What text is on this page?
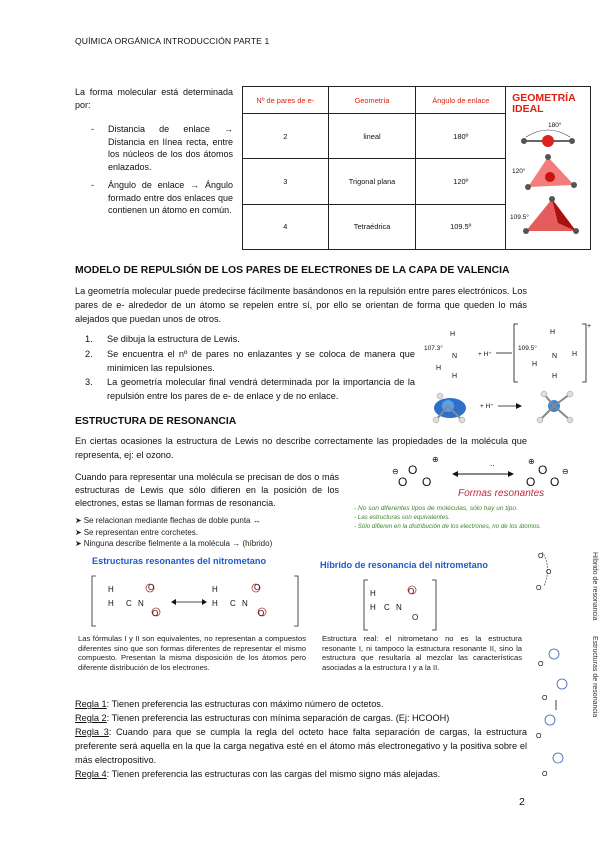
QUÍMICA ORGÁNICA INTRODUCCIÓN PARTE 1
La forma molecular está determinada por:
- Distancia de enlace → Distancia en línea recta, entre los núcleos de los dos átomos enlazados.
- Ángulo de enlace → Ángulo formado entre dos enlaces que contienen un átomo en común.
Nº de pares de e-	Geometría	Ángulo de enlace	GEOMETRÍA IDEAL
180°
120°
109.5°

2	lineal	180º	
3	Trigonal plana	120º	
4	Tetraédrica	109.5º	
MODELO DE REPULSIÓN DE LOS PARES DE ELECTRONES DE LA CAPA DE VALENCIA
La geometría molecular puede predecirse fácilmente basándonos en la repulsión entre pares electrónicos. Los pares de e- alrededor de un átomo se repelen entre sí, por ello se orientan de forma que queden lo más alejados que puedan unos de otros.
1. Se dibuja la estructura de Lewis.
2. Se encuentra el nº de pares no enlazantes y se coloca de manera que minimicen las repulsiones.
3. La geometría molecular final vendrá determinada por la importancia de la repulsión entre los pares de e- de enlace y de no enlace.
H
107.3°
N
H
H
+ H⁺
109.5°
H
N H
H
H
+
+ H⁺
ESTRUCTURA DE RESONANCIA
En ciertas ocasiones la estructura de Lewis no describe correctamente las propiedades de la molécula que representa, ej: el ozono.
Cuando para representar una molécula se precisan de dos o más estructuras de Lewis que sólo difieren en la posición de los electrones, estas se llaman formas de resonancia.
➤ Se relacionan mediante flechas de doble punta ↔
➤ Se representan entre corchetes.
➤ Ninguna describe fielmente a la molécula → (híbrido)
O
O O
⊕
⊖	O
O O
⊕
⊖
..
Formas resonantes
- No son diferentes tipos de moléculas, sólo hay un tipo.
- Las estructuras son equivalentes.
- Sólo difieren en la distribución de los electrones, no de los átomos.
Estructuras resonantes del nitrometano
H
H C N
O
O
H
H C N
O
O
Las fórmulas I y II son equivalentes, no representan a compuestos diferentes sino que son formas diferentes de representar el mismo compuesto. Presentan la misma disposición de los átomos pero diferente distribución de los electrones.
Híbrido de resonancia del nitrometano
H
H C N
O
O
Estructura real: el nitrometano no es la estructura resonante I, ni tampoco la estructura resonante II, sino la estructura que resultaría al mezclar las características asociadas a la estructura I y a la II.
O
O
O	Híbrido de resonancia
O
O
O
O
Estructuras de resonancia
Regla 1: Tienen preferencia las estructuras con máximo número de octetos.
Regla 2: Tienen preferencia las estructuras con mínima separación de cargas. (Ej: HCOOH)
Regla 3: Cuando para que se cumpla la regla del octeto hace falta separación de cargas, la estructura preferente será aquella en la que la carga negativa esté en el átomo más electronegativo y la positiva sobre el más electropositivo.
Regla 4: Tienen preferencia las estructuras con las cargas del mismo signo más alejadas.
2
